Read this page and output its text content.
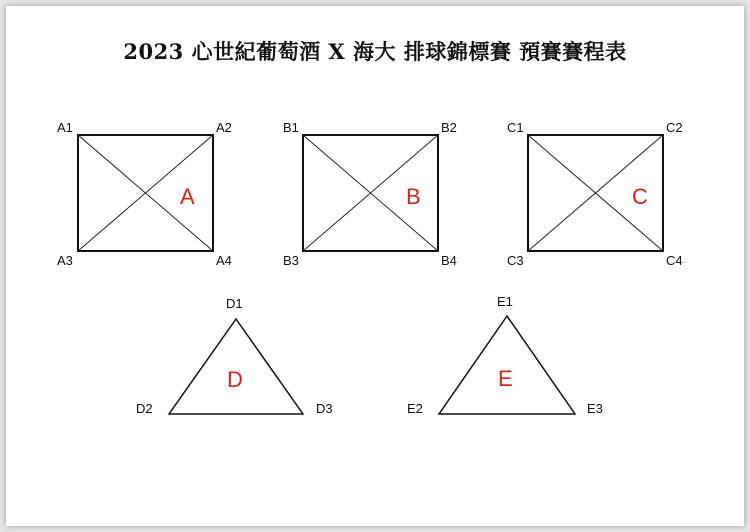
2023 心世紀葡萄酒 X 海大 排球錦標賽 預賽賽程表
A1	A2
A3	A4
A
B1	B2
B3	B4
B
C1	C2
C3	C4
C
D1
D2	D3
D
E1
E2	E3
E
